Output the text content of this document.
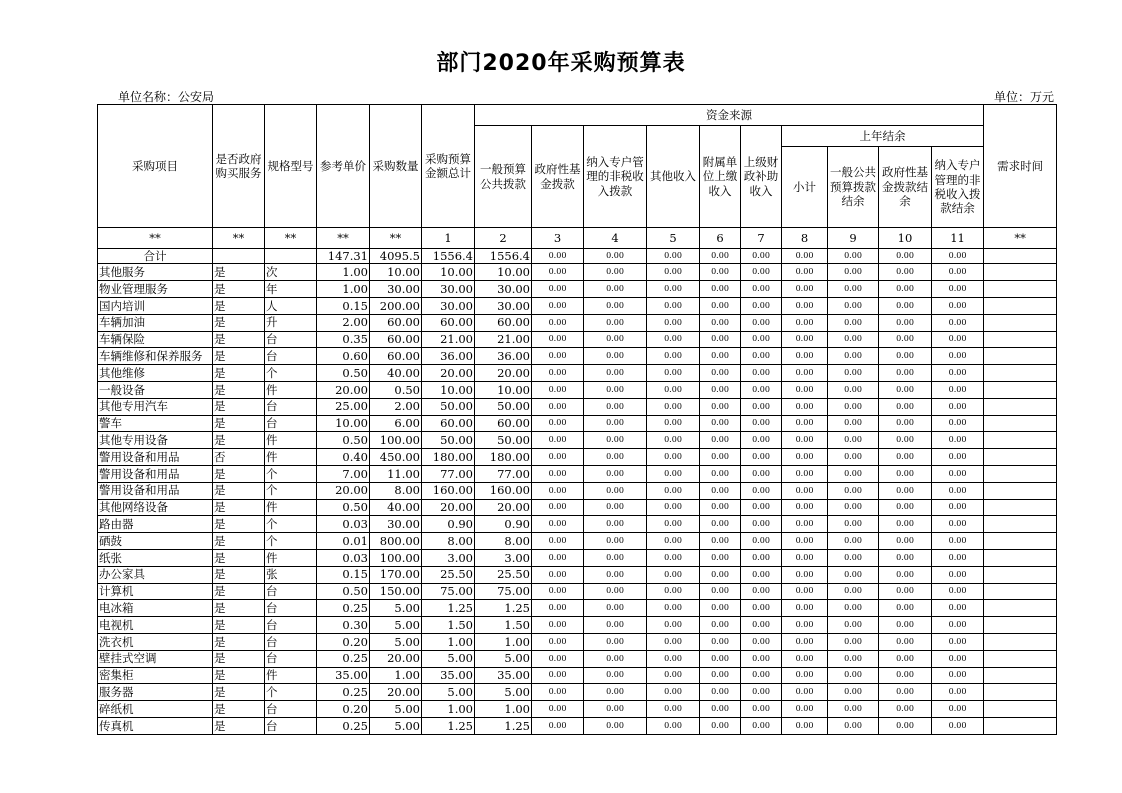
部门2020年采购预算表
单位名称：公安局	单位：万元
采购项目	是否政府购买服务	规格型号	参考单价	采购数量	采购预算金额总计	资金来源										需求时间
						一般预算公共拨款	政府性基金拨款	纳入专户管理的非税收入拨款	其他收入	附属单位上缴收入	上级财政补助收入	上年结余				
												小计	一般公共预算拨款结余	政府性基金拨款结余	纳入专户管理的非税收入拨款结余	
**	**	**	**	**	1	2	3	4	5	6	7	8	9	10	11	**
合计			147.31	4095.5	1556.4	1556.4	0.00	0.00	0.00	0.00	0.00	0.00	0.00	0.00	0.00	
其他服务	是	次	1.00	10.00	10.00	10.00	0.00	0.00	0.00	0.00	0.00	0.00	0.00	0.00	0.00	
物业管理服务	是	年	1.00	30.00	30.00	30.00	0.00	0.00	0.00	0.00	0.00	0.00	0.00	0.00	0.00	
国内培训	是	人	0.15	200.00	30.00	30.00	0.00	0.00	0.00	0.00	0.00	0.00	0.00	0.00	0.00	
车辆加油	是	升	2.00	60.00	60.00	60.00	0.00	0.00	0.00	0.00	0.00	0.00	0.00	0.00	0.00	
车辆保险	是	台	0.35	60.00	21.00	21.00	0.00	0.00	0.00	0.00	0.00	0.00	0.00	0.00	0.00	
车辆维修和保养服务	是	台	0.60	60.00	36.00	36.00	0.00	0.00	0.00	0.00	0.00	0.00	0.00	0.00	0.00	
其他维修	是	个	0.50	40.00	20.00	20.00	0.00	0.00	0.00	0.00	0.00	0.00	0.00	0.00	0.00	
一般设备	是	件	20.00	0.50	10.00	10.00	0.00	0.00	0.00	0.00	0.00	0.00	0.00	0.00	0.00	
其他专用汽车	是	台	25.00	2.00	50.00	50.00	0.00	0.00	0.00	0.00	0.00	0.00	0.00	0.00	0.00	
警车	是	台	10.00	6.00	60.00	60.00	0.00	0.00	0.00	0.00	0.00	0.00	0.00	0.00	0.00	
其他专用设备	是	件	0.50	100.00	50.00	50.00	0.00	0.00	0.00	0.00	0.00	0.00	0.00	0.00	0.00	
警用设备和用品	否	件	0.40	450.00	180.00	180.00	0.00	0.00	0.00	0.00	0.00	0.00	0.00	0.00	0.00	
警用设备和用品	是	个	7.00	11.00	77.00	77.00	0.00	0.00	0.00	0.00	0.00	0.00	0.00	0.00	0.00	
警用设备和用品	是	个	20.00	8.00	160.00	160.00	0.00	0.00	0.00	0.00	0.00	0.00	0.00	0.00	0.00	
其他网络设备	是	件	0.50	40.00	20.00	20.00	0.00	0.00	0.00	0.00	0.00	0.00	0.00	0.00	0.00	
路由器	是	个	0.03	30.00	0.90	0.90	0.00	0.00	0.00	0.00	0.00	0.00	0.00	0.00	0.00	
硒鼓	是	个	0.01	800.00	8.00	8.00	0.00	0.00	0.00	0.00	0.00	0.00	0.00	0.00	0.00	
纸张	是	件	0.03	100.00	3.00	3.00	0.00	0.00	0.00	0.00	0.00	0.00	0.00	0.00	0.00	
办公家具	是	张	0.15	170.00	25.50	25.50	0.00	0.00	0.00	0.00	0.00	0.00	0.00	0.00	0.00	
计算机	是	台	0.50	150.00	75.00	75.00	0.00	0.00	0.00	0.00	0.00	0.00	0.00	0.00	0.00	
电冰箱	是	台	0.25	5.00	1.25	1.25	0.00	0.00	0.00	0.00	0.00	0.00	0.00	0.00	0.00	
电视机	是	台	0.30	5.00	1.50	1.50	0.00	0.00	0.00	0.00	0.00	0.00	0.00	0.00	0.00	
洗衣机	是	台	0.20	5.00	1.00	1.00	0.00	0.00	0.00	0.00	0.00	0.00	0.00	0.00	0.00	
壁挂式空调	是	台	0.25	20.00	5.00	5.00	0.00	0.00	0.00	0.00	0.00	0.00	0.00	0.00	0.00	
密集柜	是	件	35.00	1.00	35.00	35.00	0.00	0.00	0.00	0.00	0.00	0.00	0.00	0.00	0.00	
服务器	是	个	0.25	20.00	5.00	5.00	0.00	0.00	0.00	0.00	0.00	0.00	0.00	0.00	0.00	
碎纸机	是	台	0.20	5.00	1.00	1.00	0.00	0.00	0.00	0.00	0.00	0.00	0.00	0.00	0.00	
传真机	是	台	0.25	5.00	1.25	1.25	0.00	0.00	0.00	0.00	0.00	0.00	0.00	0.00	0.00	
